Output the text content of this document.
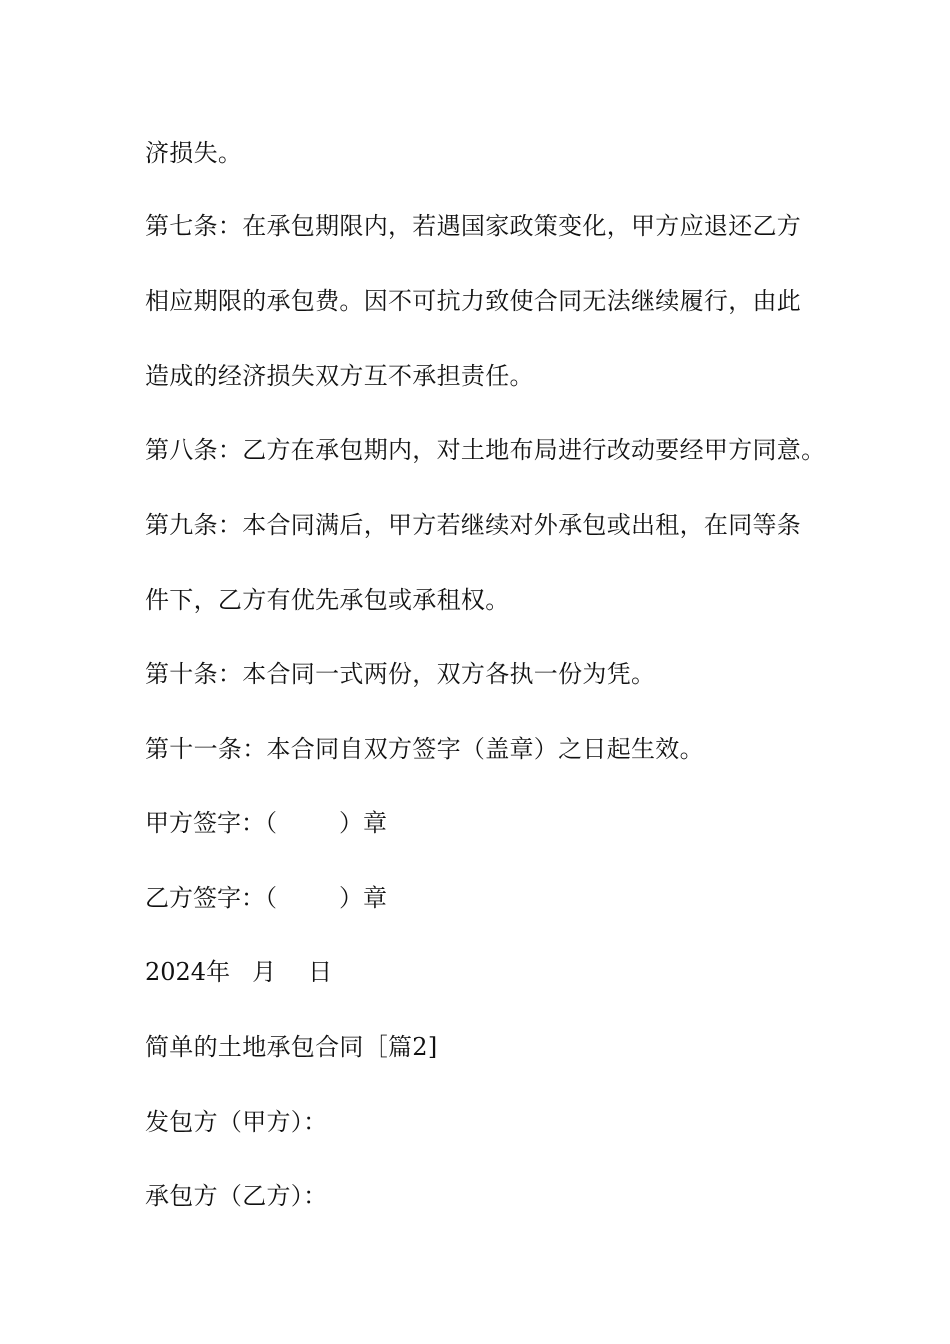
济损失。
第七条：在承包期限内，若遇国家政策变化，甲方应退还乙方
相应期限的承包费。因不可抗力致使合同无法继续履行，由此
造成的经济损失双方互不承担责任。
第八条：乙方在承包期内，对土地布局进行改动要经甲方同意。
第九条：本合同满后，甲方若继续对外承包或出租，在同等条
件下，乙方有优先承包或承租权。
第十条：本合同一式两份，双方各执一份为凭。
第十一条：本合同自双方签字（盖章）之日起生效。
甲方签字：（	）章
乙方签字：（	）章
2024年 月 日
简单的土地承包合同［篇2]
发包方（甲方）：
承包方（乙方）：
